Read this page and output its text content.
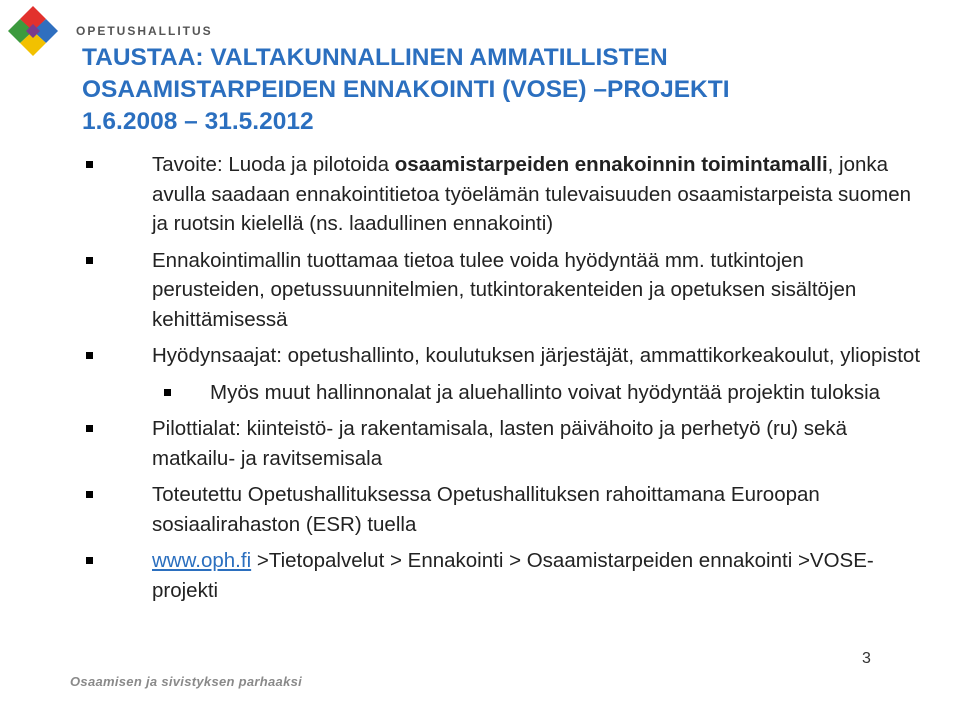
OPETUSHALLITUS
TAUSTAA: VALTAKUNNALLINEN AMMATILLISTEN
OSAAMISTARPEIDEN ENNAKOINTI (VOSE) –PROJEKTI
1.6.2008 – 31.5.2012
Tavoite: Luoda ja pilotoida osaamistarpeiden ennakoinnin toimintamalli, jonka avulla saadaan ennakointitietoa työelämän tulevaisuuden osaamistarpeista suomen ja ruotsin kielellä (ns. laadullinen ennakointi)
Ennakointimallin tuottamaa tietoa tulee voida hyödyntää mm. tutkintojen perusteiden, opetussuunnitelmien, tutkintorakenteiden ja opetuksen sisältöjen kehittämisessä
Hyödynsaajat: opetushallinto, koulutuksen järjestäjät, ammattikorkeakoulut, yliopistot
Myös muut hallinnonalat ja aluehallinto voivat hyödyntää projektin tuloksia
Pilottialat: kiinteistö- ja rakentamisala, lasten päivähoito ja perhetyö (ru) sekä matkailu- ja ravitsemisala
Toteutettu Opetushallituksessa Opetushallituksen rahoittamana Euroopan sosiaalirahaston (ESR) tuella
www.oph.fi >Tietopalvelut > Ennakointi > Osaamistarpeiden ennakointi >VOSE-projekti
Osaamisen ja sivistyksen parhaaksi
3
